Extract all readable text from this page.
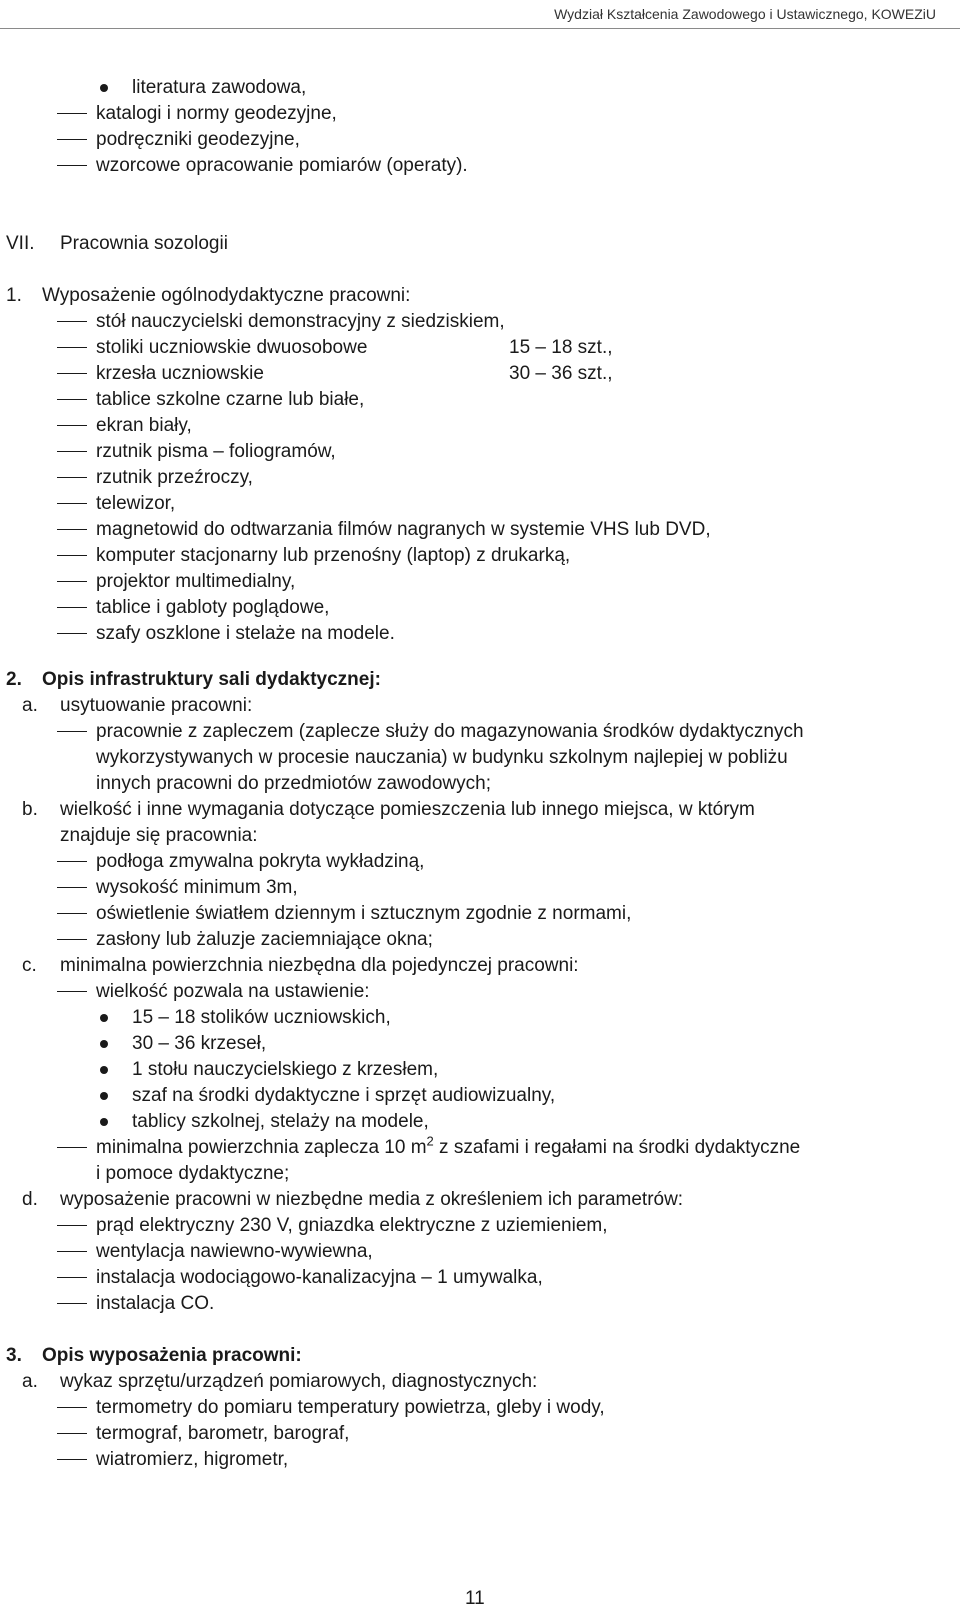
Wydział Kształcenia Zawodowego i Ustawicznego, KOWEZiU
literatura zawodowa,
katalogi i normy geodezyjne,
podręczniki geodezyjne,
wzorcowe opracowanie pomiarów (operaty).
VII. Pracownia sozologii
1. Wyposażenie ogólnodydaktyczne pracowni:
stół nauczycielski demonstracyjny z siedziskiem,
stoliki uczniowskie dwuosobowe	15 – 18 szt.,
krzesła uczniowskie	30 – 36 szt.,
tablice szkolne czarne lub białe,
ekran biały,
rzutnik pisma – foliogramów,
rzutnik przeźroczy,
telewizor,
magnetowid do odtwarzania filmów nagranych w systemie VHS lub DVD,
komputer stacjonarny lub przenośny (laptop) z drukarką,
projektor multimedialny,
tablice i gabloty poglądowe,
szafy oszklone i stelaże na modele.
2. Opis infrastruktury sali dydaktycznej:
a. usytuowanie pracowni:
pracownie z zapleczem (zaplecze służy do magazynowania środków dydaktycznych
wykorzystywanych w procesie nauczania) w budynku szkolnym najlepiej w pobliżu
innych pracowni do przedmiotów zawodowych;
b. wielkość i inne wymagania dotyczące pomieszczenia lub innego miejsca, w którym
znajduje się pracownia:
podłoga zmywalna pokryta wykładziną,
wysokość minimum 3m,
oświetlenie światłem dziennym i sztucznym zgodnie z normami,
zasłony lub żaluzje zaciemniające okna;
c. minimalna powierzchnia niezbędna dla pojedynczej pracowni:
wielkość pozwala na ustawienie:
15 – 18 stolików uczniowskich,
30 – 36 krzeseł,
1 stołu nauczycielskiego z krzesłem,
szaf na środki dydaktyczne i sprzęt audiowizualny,
tablicy szkolnej, stelaży na modele,
minimalna powierzchnia zaplecza 10 $m^2$ z szafami i regałami na środki dydaktyczne
i pomoce dydaktyczne;
d. wyposażenie pracowni w niezbędne media z określeniem ich parametrów:
prąd elektryczny 230 V, gniazdka elektryczne z uziemieniem,
wentylacja nawiewno-wywiewna,
instalacja wodociągowo-kanalizacyjna – 1 umywalka,
instalacja CO.
3. Opis wyposażenia pracowni:
a. wykaz sprzętu/urządzeń pomiarowych, diagnostycznych:
termometry do pomiaru temperatury powietrza, gleby i wody,
termograf, barometr, barograf,
wiatromierz, higrometr,
11
